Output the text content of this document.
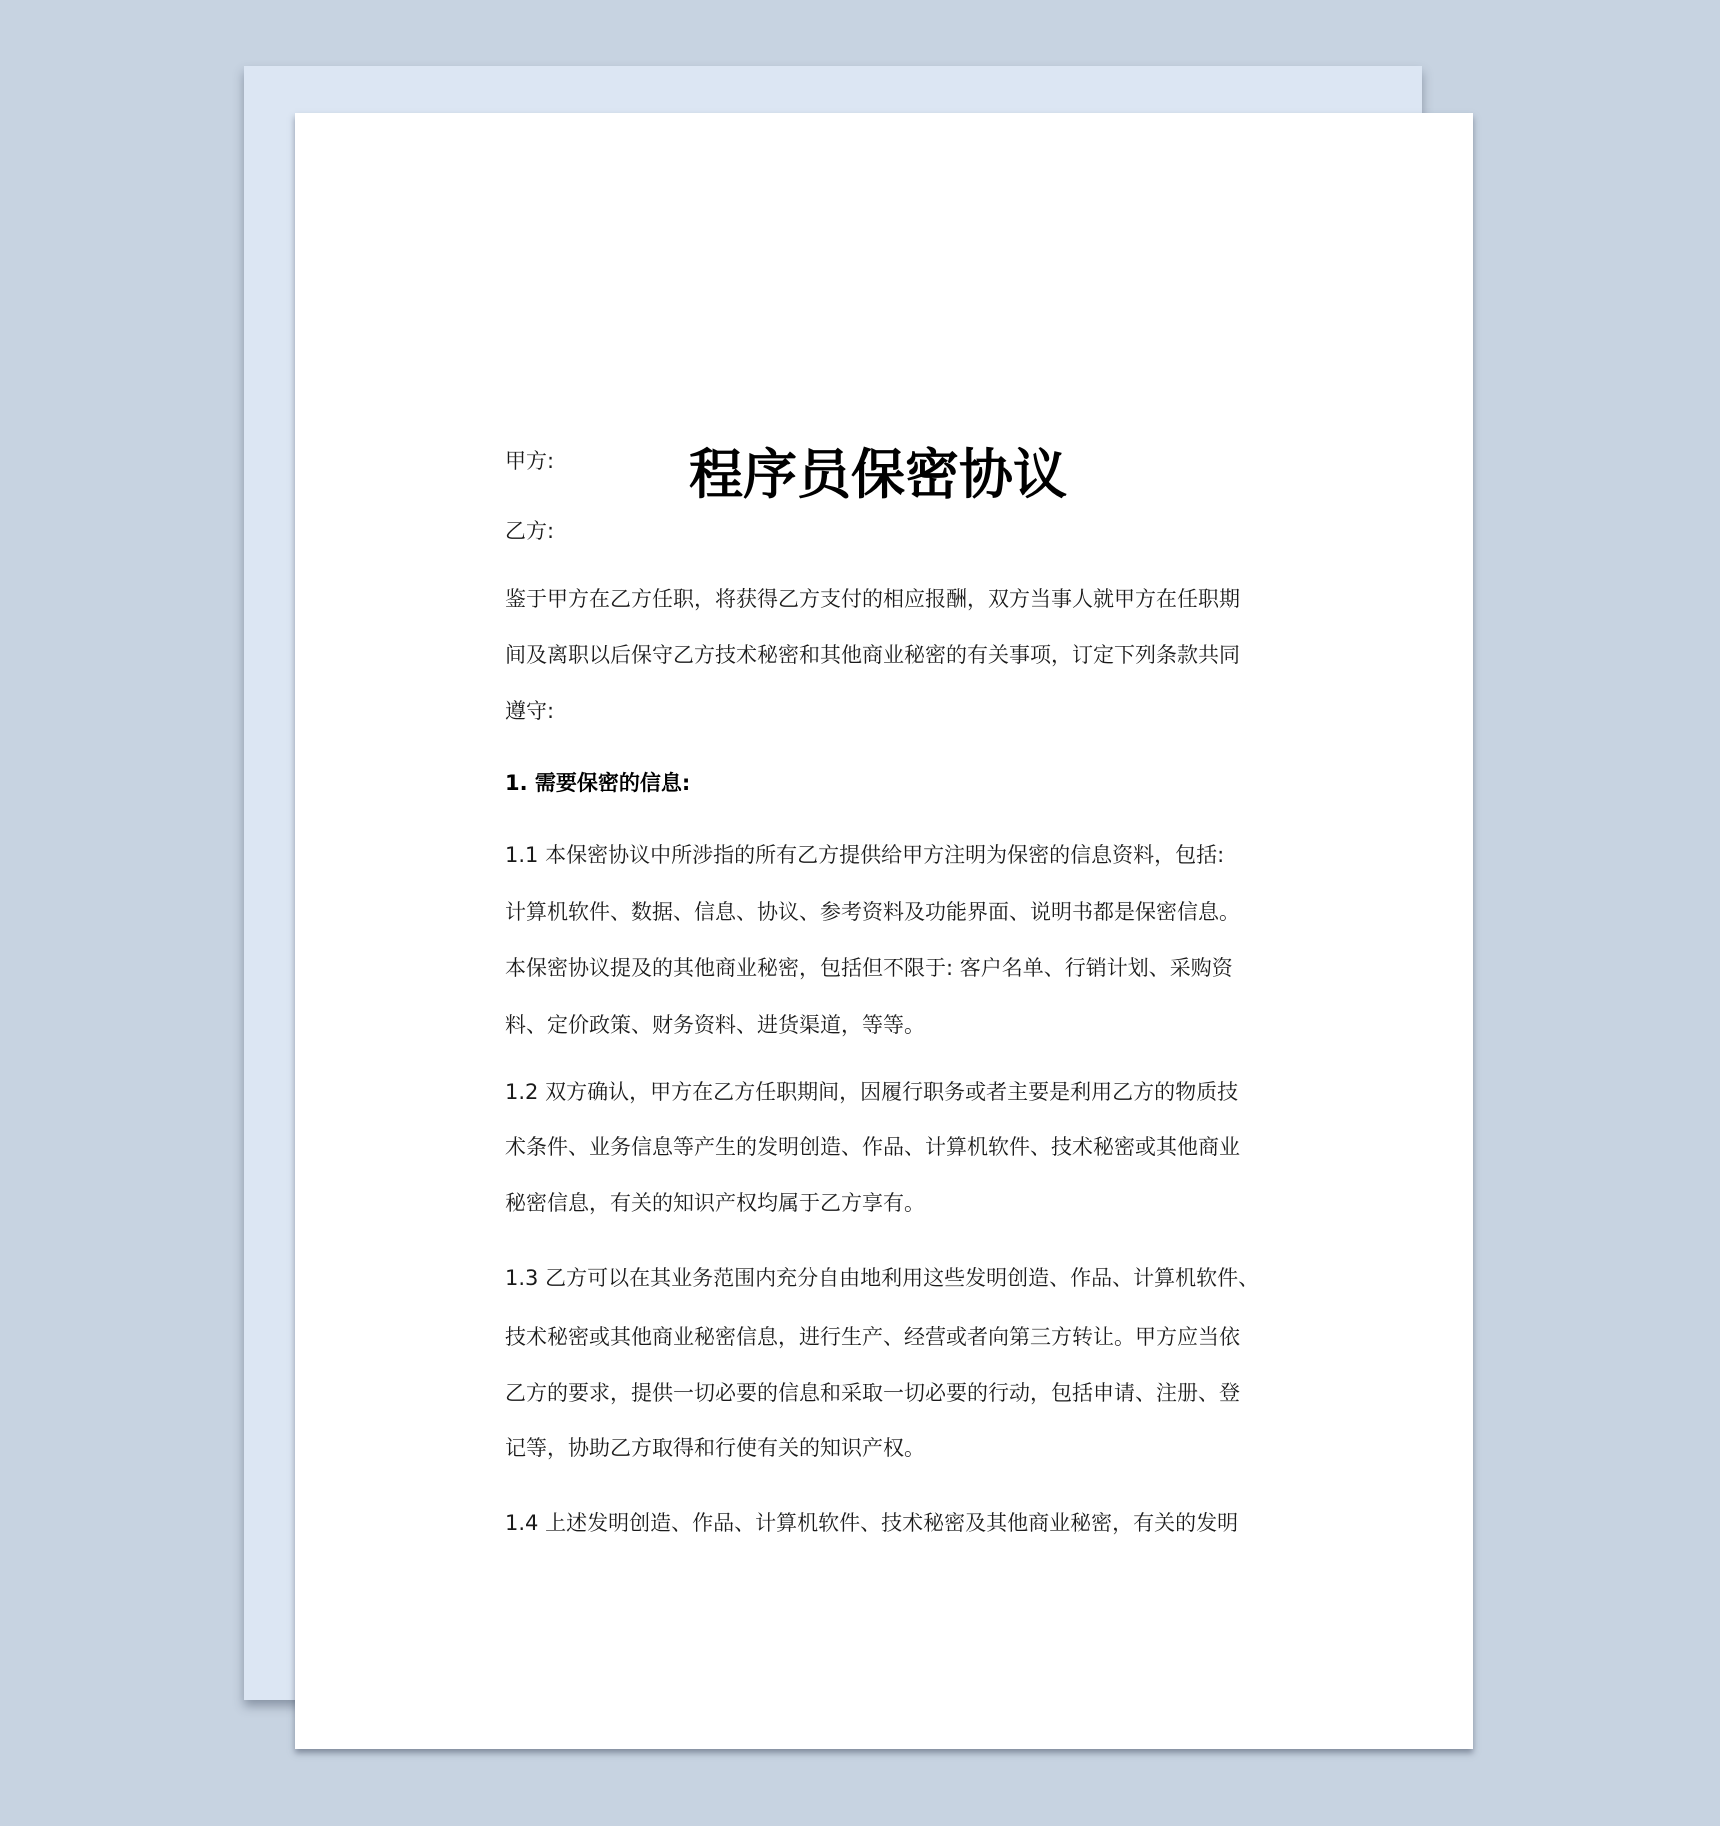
程序员保密协议
甲方:
乙方:
鉴于甲方在乙方任职，将获得乙方支付的相应报酬，双方当事人就甲方在任职期
间及离职以后保守乙方技术秘密和其他商业秘密的有关事项，订定下列条款共同
遵守:
1. 需要保密的信息:
1.1 本保密协议中所涉指的所有乙方提供给甲方注明为保密的信息资料，包括:
计算机软件、数据、信息、协议、参考资料及功能界面、说明书都是保密信息。
本保密协议提及的其他商业秘密，包括但不限于: 客户名单、行销计划、采购资
料、定价政策、财务资料、进货渠道，等等。
1.2 双方确认，甲方在乙方任职期间，因履行职务或者主要是利用乙方的物质技
术条件、业务信息等产生的发明创造、作品、计算机软件、技术秘密或其他商业
秘密信息，有关的知识产权均属于乙方享有。
1.3 乙方可以在其业务范围内充分自由地利用这些发明创造、作品、计算机软件、
技术秘密或其他商业秘密信息，进行生产、经营或者向第三方转让。甲方应当依
乙方的要求，提供一切必要的信息和采取一切必要的行动，包括申请、注册、登
记等，协助乙方取得和行使有关的知识产权。
1.4 上述发明创造、作品、计算机软件、技术秘密及其他商业秘密，有关的发明
